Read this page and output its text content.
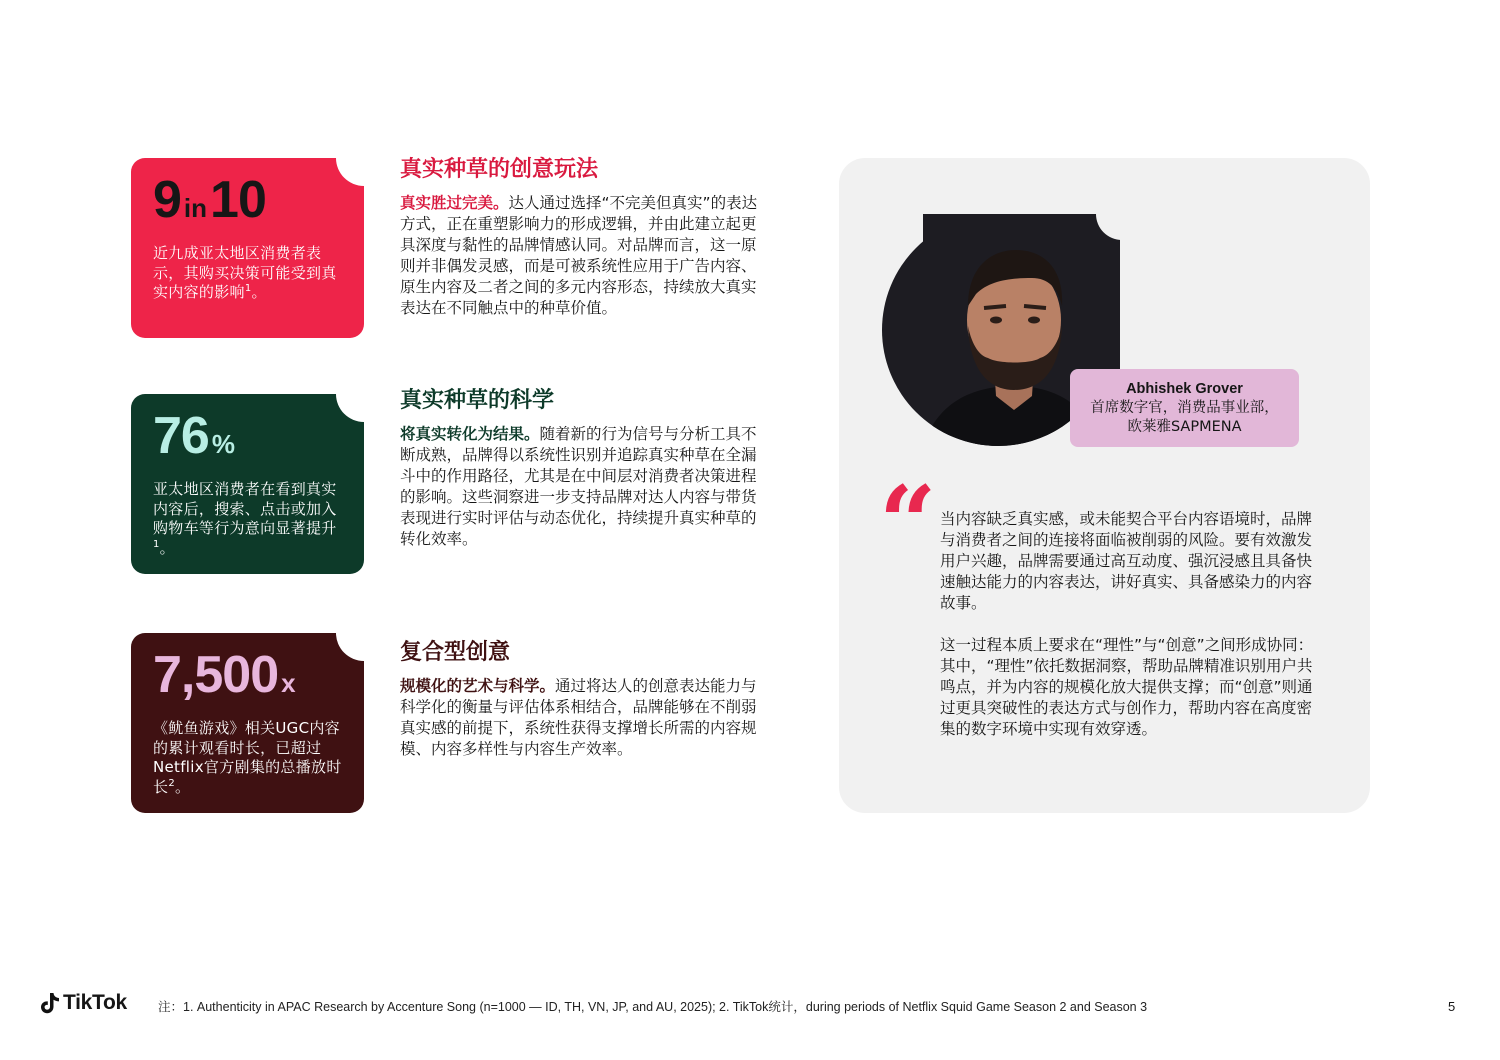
9 in10
近九成亚太地区消费者表示，其购买决策可能受到真实内容的影响$^1$。
76 %
亚太地区消费者在看到真实内容后，搜索、点击或加入购物车等行为意向显著提升$^1$。
7,500 x
《鱿鱼游戏》相关UGC内容的累计观看时长，已超过Netflix官方剧集的总播放时长$^2$。
真实种草的创意玩法

真实胜过完美。达人通过选择“不完美但真实”的表达方式，正在重塑影响力的形成逻辑，并由此建立起更具深度与黏性的品牌情感认同。对品牌而言，这一原则并非偶发灵感，而是可被系统性应用于广告内容、原生内容及二者之间的多元内容形态，持续放大真实表达在不同触点中的种草价值。

真实种草的科学

将真实转化为结果。随着新的行为信号与分析工具不断成熟，品牌得以系统性识别并追踪真实种草在全漏斗中的作用路径，尤其是在中间层对消费者决策进程的影响。这些洞察进一步支持品牌对达人内容与带货表现进行实时评估与动态优化，持续提升真实种草的转化效率。

复合型创意

规模化的艺术与科学。通过将达人的创意表达能力与科学化的衡量与评估体系相结合，品牌能够在不削弱真实感的前提下，系统性获得支撑增长所需的内容规模、内容多样性与内容生产效率。

Abhishek Grover
首席数字官，消费品事业部，
欧莱雅SAPMENA
“ 当内容缺乏真实感，或未能契合平台内容语境时，品牌与消费者之间的连接将面临被削弱的风险。要有效激发用户兴趣，品牌需要通过高互动度、强沉浸感且具备快速触达能力的内容表达，讲好真实、具备感染力的内容故事。

这一过程本质上要求在“理性”与“创意”之间形成协同：其中，“理性”依托数据洞察，帮助品牌精准识别用户共鸣点，并为内容的规模化放大提供支撑；而“创意”则通过更具突破性的表达方式与创作力，帮助内容在高度密集的数字环境中实现有效穿透。

TikTok 注：1. Authenticity in APAC Research by Accenture Song (n=1000 — ID, TH, VN, JP, and AU, 2025); 2. TikTok统计，during periods of Netflix Squid Game Season 2 and Season 3	5
